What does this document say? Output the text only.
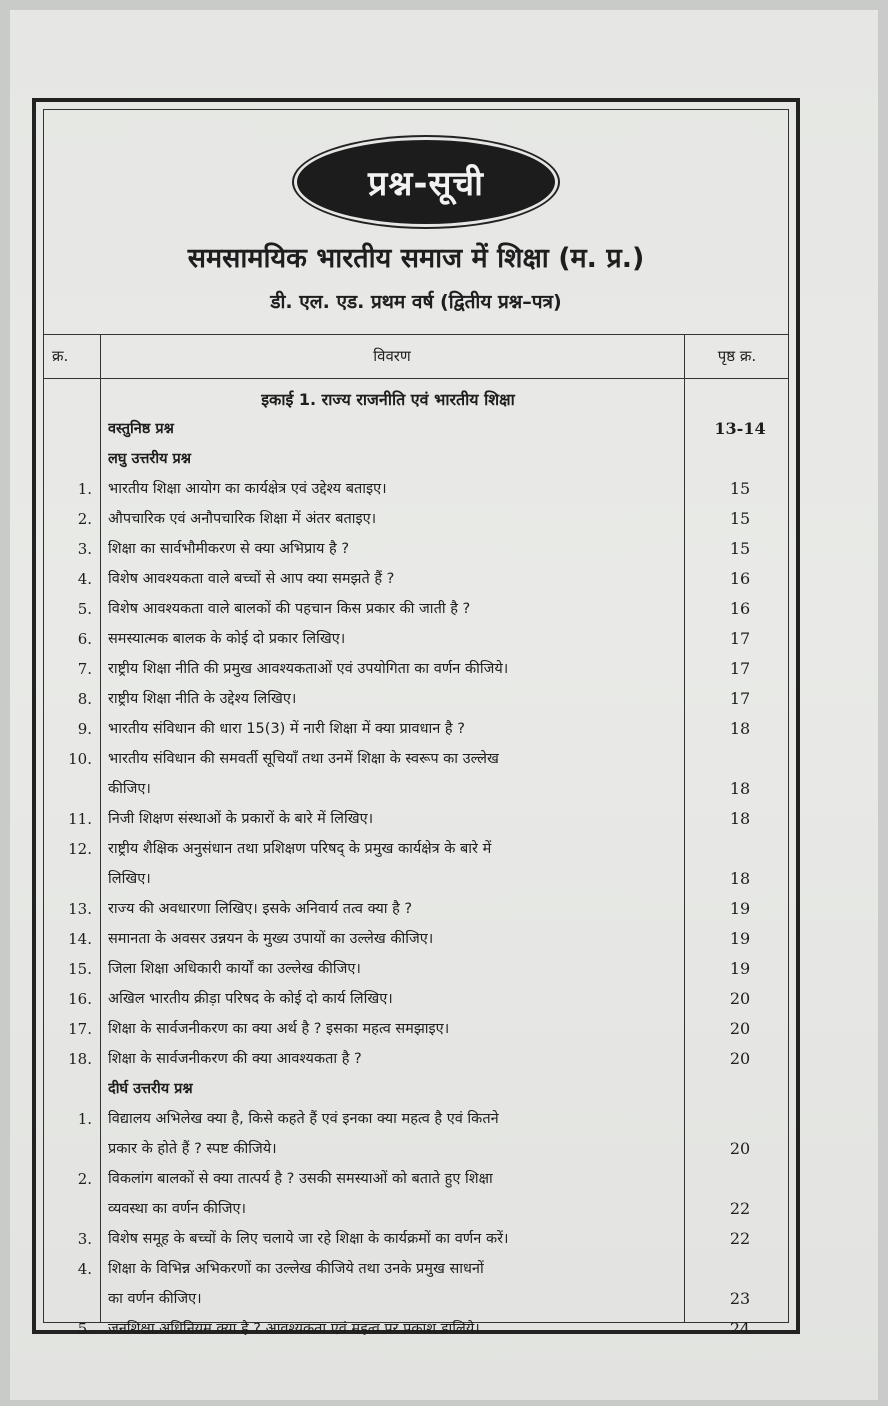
प्रश्न-सूची
समसामयिक भारतीय समाज में शिक्षा (म. प्र.)
डी. एल. एड. प्रथम वर्ष (द्वितीय प्रश्न–पत्र)
क्र.	विवरण	पृष्ठ क्र.
इकाई 1. राज्य राजनीति एवं भारतीय शिक्षा
वस्तुनिष्ठ प्रश्न	13-14
लघु उत्तरीय प्रश्न
1. भारतीय शिक्षा आयोग का कार्यक्षेत्र एवं उद्देश्य बताइए।	15
2. औपचारिक एवं अनौपचारिक शिक्षा में अंतर बताइए।	15
3. शिक्षा का सार्वभौमीकरण से क्या अभिप्राय है ?	15
4. विशेष आवश्यकता वाले बच्चों से आप क्या समझते हैं ?	16
5. विशेष आवश्यकता वाले बालकों की पहचान किस प्रकार की जाती है ?	16
6. समस्यात्मक बालक के कोई दो प्रकार लिखिए।	17
7. राष्ट्रीय शिक्षा नीति की प्रमुख आवश्यकताओं एवं उपयोगिता का वर्णन कीजिये।	17
8. राष्ट्रीय शिक्षा नीति के उद्देश्य लिखिए।	17
9. भारतीय संविधान की धारा 15(3) में नारी शिक्षा में क्या प्रावधान है ?	18
10. भारतीय संविधान की समवर्ती सूचियाँ तथा उनमें शिक्षा के स्वरूप का उल्लेख
कीजिए।	18
11. निजी शिक्षण संस्थाओं के प्रकारों के बारे में लिखिए।	18
12. राष्ट्रीय शैक्षिक अनुसंधान तथा प्रशिक्षण परिषद् के प्रमुख कार्यक्षेत्र के बारे में
लिखिए।	18
13. राज्य की अवधारणा लिखिए। इसके अनिवार्य तत्व क्या है ?	19
14. समानता के अवसर उन्नयन के मुख्य उपायों का उल्लेख कीजिए।	19
15. जिला शिक्षा अधिकारी कार्यों का उल्लेख कीजिए।	19
16. अखिल भारतीय क्रीड़ा परिषद के कोई दो कार्य लिखिए।	20
17. शिक्षा के सार्वजनीकरण का क्या अर्थ है ? इसका महत्व समझाइए।	20
18. शिक्षा के सार्वजनीकरण की क्या आवश्यकता है ?	20
दीर्घ उत्तरीय प्रश्न
1. विद्यालय अभिलेख क्या है, किसे कहते हैं एवं इनका क्या महत्व है एवं कितने
प्रकार के होते हैं ? स्पष्ट कीजिये।	20
2. विकलांग बालकों से क्या तात्पर्य है ? उसकी समस्याओं को बताते हुए शिक्षा
व्यवस्था का वर्णन कीजिए।	22
3. विशेष समूह के बच्चों के लिए चलाये जा रहे शिक्षा के कार्यक्रमों का वर्णन करें।	22
4. शिक्षा के विभिन्न अभिकरणों का उल्लेख कीजिये तथा उनके प्रमुख साधनों
का वर्णन कीजिए।	23
5. जनशिक्षा अधिनियम क्या है ? आवश्यकता एवं महत्व पर प्रकाश डालिये।	24
